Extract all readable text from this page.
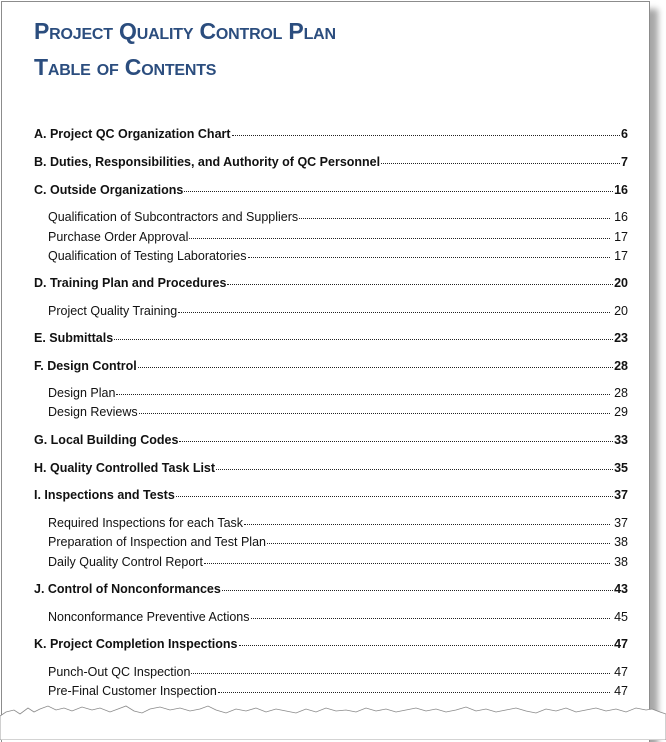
Project Quality Control Plan
Table of Contents
A. Project QC Organization Chart	6
B. Duties, Responsibilities, and Authority of QC Personnel	7
C. Outside Organizations	16
Qualification of Subcontractors and Suppliers	16
Purchase Order Approval	17
Qualification of Testing Laboratories	17
D. Training Plan and Procedures	20
Project Quality Training	20
E. Submittals	23
F. Design Control	28
Design Plan	28
Design Reviews	29
G. Local Building Codes	33
H. Quality Controlled Task List	35
I. Inspections and Tests	37
Required Inspections for each Task	37
Preparation of Inspection and Test Plan	38
Daily Quality Control Report	38
J. Control of Nonconformances	43
Nonconformance Preventive Actions	45
K. Project Completion Inspections	47
Punch-Out QC Inspection	47
Pre-Final Customer Inspection	47
